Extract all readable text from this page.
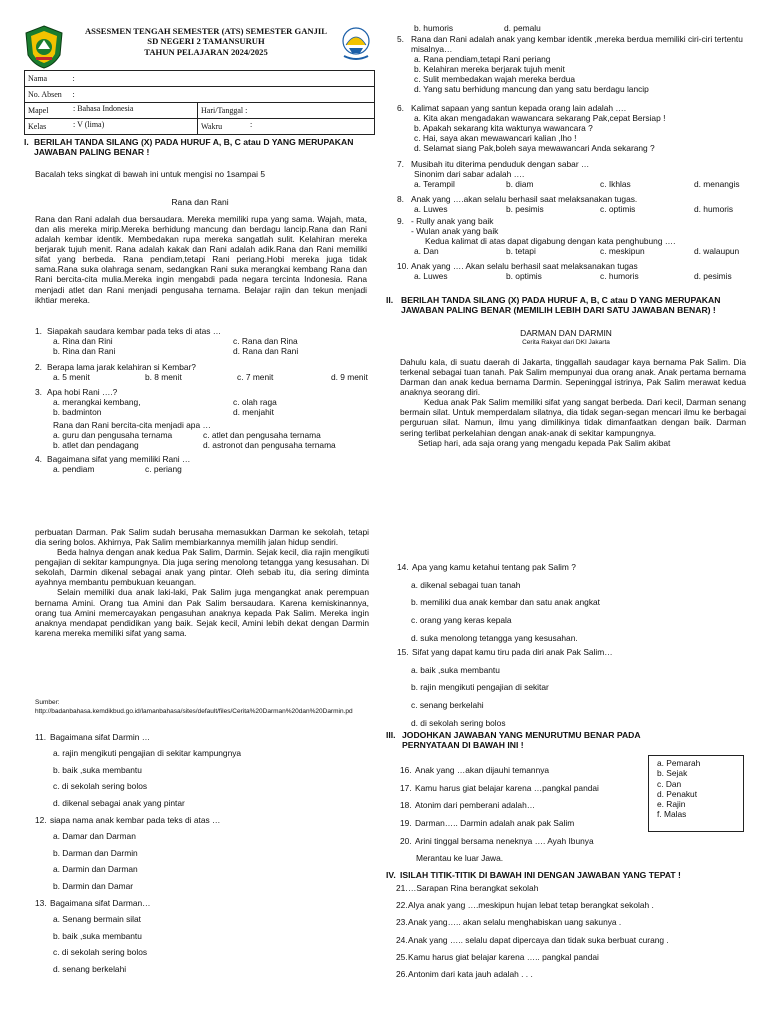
ASSESMEN TENGAH SEMESTER (ATS) SEMESTER GANJIL
SD NEGERI 2 TAMANSURUH
TAHUN PELAJARAN 2024/2025
Nama :	

No. Absen :	

Mapel : Bahasa Indonesia	Hari/Tanggal :
Kelas : V (lima)	Wakru :
I. BERILAH TANDA SILANG (X) PADA HURUF A, B, C atau D YANG MERUPAKAN JAWABAN PALING BENAR !

Bacalah teks singkat di bawah ini untuk mengisi no 1sampai 5

Rana dan Rani

Rana dan Rani adalah dua bersaudara. Mereka memiliki rupa yang sama. Wajah, mata, dan alis mereka mirip.Mereka berhidung mancung dan berdagu lancip.Rana dan Rani adalah kembar identik. Membedakan rupa mereka sangatlah sulit. Kelahiran mereka berjarak tujuh menit. Rana adalah kakak dan Rani adalah adik.Rana dan Rani memiliki sifat yang berbeda. Rana pendiam,tetapi Rani periang.Hobi mereka juga tidak sama.Rana suka olahraga senam, sedangkan Rani suka merangkai kembang Rana dan Rani bercita-cita mulia.Mereka ingin mengabdi pada negara tercinta Indonesia. Rana menjadi atlet dan Rani menjadi pengusaha ternama. Belajar rajin dan tekun menjadi ikhtiar mereka.

1. Siapakah saudara kembar pada teks di atas …
a. Rina dan Rini	c. Rana dan Rina
b. Rina dan Rani	d. Rana dan Rani
2. Berapa lama jarak kelahiran si Kembar?
a. 5 menit	b. 8 menit	c. 7 menit	d. 9 menit
3. Apa hobi Rani ….?
a. merangkai kembang,	c. olah raga
b. badminton	d. menjahit
Rana dan Rani bercita-cita menjadi apa …
a. guru dan pengusaha ternama	c. atlet dan pengusaha ternama
b. atlet dan pendagang	d. astronot dan pengusaha ternama
4. Bagaimana sifat yang memiliki Rani …
a. pendiam	c. periang
b. humoris	d. pemalu
5. Rana dan Rani adalah anak yang kembar identik ,mereka berdua memiliki ciri-ciri tertentu misalnya…
a. Rana pendiam,tetapi Rani periang
b. Kelahiran mereka berjarak tujuh menit
c. Sulit membedakan wajah mereka berdua
d. Yang satu berhidung mancung dan yang satu berdagu lancip
6. Kalimat sapaan yang santun kepada orang lain adalah ….
a. Kita akan mengadakan wawancara sekarang Pak,cepat Bersiap !
b. Apakah sekarang kita waktunya wawancara ?
c. Hai, saya akan mewawancari kalian ,lho !
d. Selamat siang Pak,boleh saya mewawancari Anda sekarang ?
7. Musibah itu diterima penduduk dengan sabar …
Sinonim dari sabar adalah ….
a. Terampil	b. diam	c. Ikhlas	d. menangis
8. Anak yang ….akan selalu berhasil saat melaksanakan tugas.
a. Luwes	b. pesimis	c. optimis	d. humoris
9. - Rully anak yang baik
- Wulan anak yang baik
Kedua kalimat di atas dapat digabung dengan kata penghubung ….
a. Dan	b. tetapi	c. meskipun	d. walaupun
10. Anak yang …. Akan selalu berhasil saat melaksanakan tugas
a. Luwes	b. optimis	c. humoris	d. pesimis
II. BERILAH TANDA SILANG (X) PADA HURUF A, B, C atau D YANG MERUPAKAN JAWABAN PALING BENAR (MEMILIH LEBIH DARI SATU JAWABAN BENAR) !

DARMAN DAN DARMIN

Cerita Rakyat dari DKI Jakarta

Dahulu kala, di suatu daerah di Jakarta, tinggallah saudagar kaya bernama Pak Salim. Dia terkenal sebagai tuan tanah. Pak Salim mempunyai dua orang anak. Anak pertama bernama Darman dan anak kedua bernama Darmin. Sepeninggal istrinya, Pak Salim merawat kedua anaknya seorang diri.

Kedua anak Pak Salim memiliki sifat yang sangat berbeda. Dari kecil, Darman senang bermain silat. Untuk memperdalam silatnya, dia tidak segan-segan mencari ilmu ke berbagai perguruan silat. Namun, ilmu yang dimilikinya tidak dimanfaatkan dengan baik. Darman sering terlibat perkelahian dengan anak-anak di sekitar kampungnya.

Setiap hari, ada saja orang yang mengadu kepada Pak Salim akibat

perbuatan Darman. Pak Salim sudah berusaha memasukkan Darman ke sekolah, tetapi dia sering bolos. Akhirnya, Pak Salim membiarkannya memilih jalan hidup sendiri.

Beda halnya dengan anak kedua Pak Salim, Darmin. Sejak kecil, dia rajin mengikuti pengajian di sekitar kampungnya. Dia juga sering menolong tetangga yang kesusahan. Di sekolah, Darmin dikenal sebagai anak yang pintar. Oleh sebab itu, dia sering diminta ayahnya membantu pembukuan keuangan.

Selain memiliki dua anak laki-laki, Pak Salim juga mengangkat anak perempuan bernama Amini. Orang tua Amini dan Pak Salim bersaudara. Karena kemiskinannya, orang tua Amini memercayakan pengasuhan anaknya kepada Pak Salim. Mereka ingin anaknya mendapat pendidikan yang baik. Sejak kecil, Amini lebih dekat dengan Darmin karena mereka memiliki sifat yang sama.

Sumber: http://badanbahasa.kemdikbud.go.id/lamanbahasa/sites/default/files/Cerita%20Darman%20dan%20Darmin.pd

11. Bagaimana sifat Darmin …
a. rajin mengikuti pengajian di sekitar kampungnya
b. baik ,suka membantu
c. di sekolah sering bolos
d. dikenal sebagai anak yang pintar
12. siapa nama anak kembar pada teks di atas …
a. Damar dan Darman
b. Darman dan Darmin
a. Darmin dan Darman
b. Darmin dan Damar
13. Bagaimana sifat Darman…
a. Senang bermain silat
b. baik ,suka membantu
c. di sekolah sering bolos
d. senang berkelahi
14. Apa yang kamu ketahui tentang pak Salim ?
a. dikenal sebagai tuan tanah
b. memiliki dua anak kembar dan satu anak angkat
c. orang yang keras kepala
d. suka menolong tetangga yang kesusahan.
15. Sifat yang dapat kamu tiru pada diri anak Pak Salim…
a. baik ,suka membantu
b. rajin mengikuti pengajian di sekitar
c. senang berkelahi
d. di sekolah sering bolos
III. JODOHKAN JAWABAN YANG MENURUTMU BENAR PADA PERNYATAAN DI BAWAH INI !
16. Anak yang …akan dijauhi temannya
17. Kamu harus giat belajar karena …pangkal pandai
18. Atonim dari pemberani adalah…
19. Darman….. Darmin adalah anak pak Salim
20. Arini tinggal bersama neneknya …. Ayah Ibunya
Merantau ke luar Jawa.
a. Pemarah
b. Sejak
c. Dan
d. Penakut
e. Rajin
f. Malas
IV. ISILAH TITIK-TITIK DI BAWAH INI DENGAN JAWABAN YANG TEPAT !
21. …Sarapan Rina berangkat sekolah
22. Alya anak yang ….meskipun hujan lebat tetap berangkat sekolah .
23. Anak yang….. akan selalu menghabiskan uang sakunya .
24. Anak yang ….. selalu dapat dipercaya dan tidak suka berbuat curang .
25. Kamu harus giat belajar karena ….. pangkal pandai
26. Antonim dari kata jauh adalah . . .
